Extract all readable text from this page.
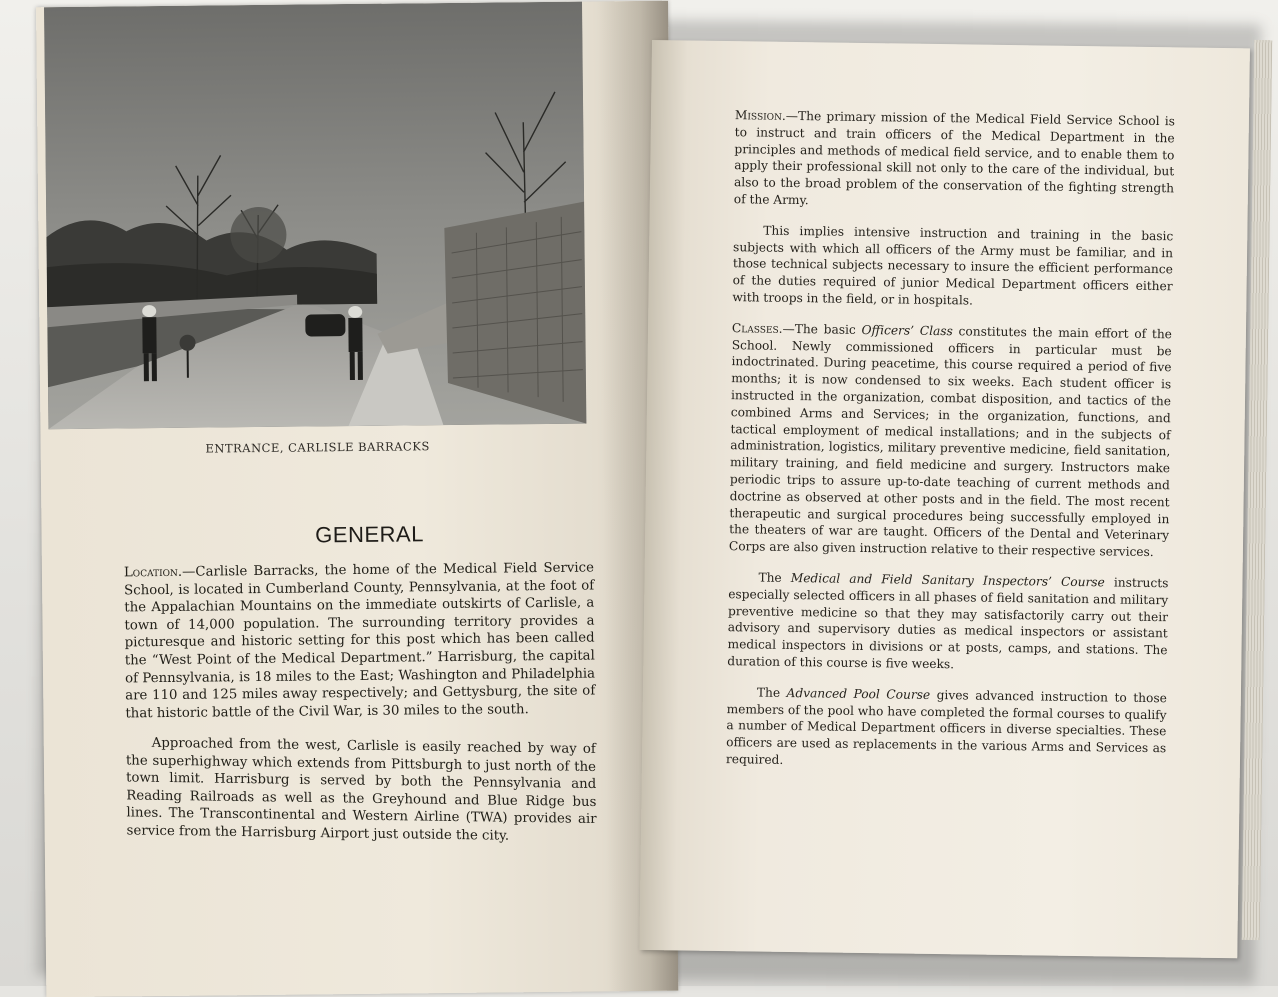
ENTRANCE, CARLISLE BARRACKS
GENERAL

Location.—Carlisle Barracks, the home of the Medical Field Service School, is located in Cumberland County, Pennsylvania, at the foot of the Appalachian Mountains on the immediate outskirts of Carlisle, a town of 14,000 population. The surrounding territory provides a picturesque and historic setting for this post which has been called the “West Point of the Medical Department.” Harrisburg, the capital of Pennsylvania, is 18 miles to the East; Washington and Philadelphia are 110 and 125 miles away respectively; and Gettysburg, the site of that historic battle of the Civil War, is 30 miles to the south.

Approached from the west, Carlisle is easily reached by way of the superhighway which extends from Pittsburgh to just north of the town limit. Harrisburg is served by both the Pennsylvania and Reading Railroads as well as the Greyhound and Blue Ridge bus lines. The Transcontinental and Western Airline (TWA) provides air service from the Harrisburg Airport just outside the city.

Mission.—The primary mission of the Medical Field Service School is to instruct and train officers of the Medical Department in the principles and methods of medical field service, and to enable them to apply their professional skill not only to the care of the individual, but also to the broad problem of the conservation of the fighting strength of the Army.

This implies intensive instruction and training in the basic subjects with which all officers of the Army must be familiar, and in those technical subjects necessary to insure the efficient performance of the duties required of junior Medical Department officers either with troops in the field, or in hospitals.

Classes.—The basic Officers’ Class constitutes the main effort of the School. Newly commissioned officers in particular must be indoctrinated. During peacetime, this course required a period of five months; it is now condensed to six weeks. Each student officer is instructed in the organization, combat disposition, and tactics of the combined Arms and Services; in the organization, functions, and tactical employment of medical installations; and in the subjects of administration, logistics, military preventive medicine, field sanitation, military training, and field medicine and surgery. Instructors make periodic trips to assure up-to-date teaching of current methods and doctrine as observed at other posts and in the field. The most recent therapeutic and surgical procedures being successfully employed in the theaters of war are taught. Officers of the Dental and Veterinary Corps are also given instruction relative to their respective services.

The Medical and Field Sanitary Inspectors’ Course instructs especially selected officers in all phases of field sanitation and military preventive medicine so that they may satisfactorily carry out their advisory and supervisory duties as medical inspectors or assistant medical inspectors in divisions or at posts, camps, and stations. The duration of this course is five weeks.

The Advanced Pool Course gives advanced instruction to those members of the pool who have completed the formal courses to qualify a number of Medical Department officers in diverse specialties. These officers are used as replacements in the various Arms and Services as required.
